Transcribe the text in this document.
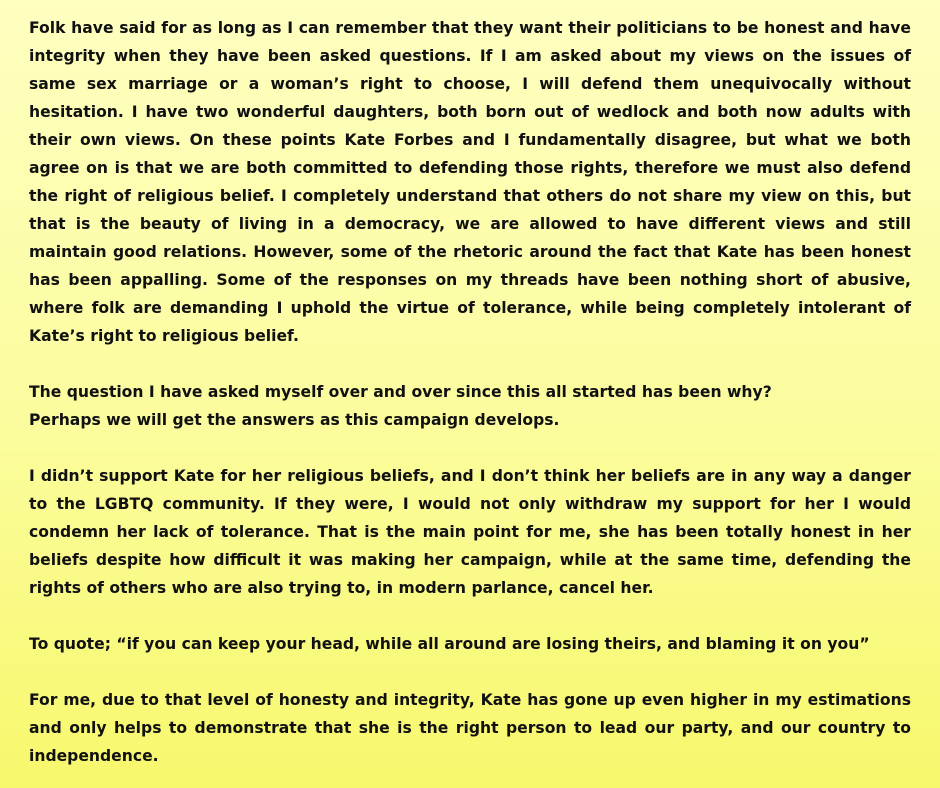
Folk have said for as long as I can remember that they want their politicians to be honest and have integrity when they have been asked questions. If I am asked about my views on the issues of same sex marriage or a woman’s right to choose, I will defend them unequivocally without hesitation. I have two wonderful daughters, both born out of wedlock and both now adults with their own views. On these points Kate Forbes and I fundamentally disagree, but what we both agree on is that we are both committed to defending those rights, therefore we must also defend the right of religious belief. I completely understand that others do not share my view on this, but that is the beauty of living in a democracy, we are allowed to have different views and still maintain good relations. However, some of the rhetoric around the fact that Kate has been honest has been appalling. Some of the responses on my threads have been nothing short of abusive, where folk are demanding I uphold the virtue of tolerance, while being completely intolerant of Kate’s right to religious belief.

The question I have asked myself over and over since this all started has been why?

Perhaps we will get the answers as this campaign develops.

I didn’t support Kate for her religious beliefs, and I don’t think her beliefs are in any way a danger to the LGBTQ community. If they were, I would not only withdraw my support for her I would condemn her lack of tolerance. That is the main point for me, she has been totally honest in her beliefs despite how difficult it was making her campaign, while at the same time, defending the rights of others who are also trying to, in modern parlance, cancel her.

To quote; “if you can keep your head, while all around are losing theirs, and blaming it on you”

For me, due to that level of honesty and integrity, Kate has gone up even higher in my estimations and only helps to demonstrate that she is the right person to lead our party, and our country to independence.
